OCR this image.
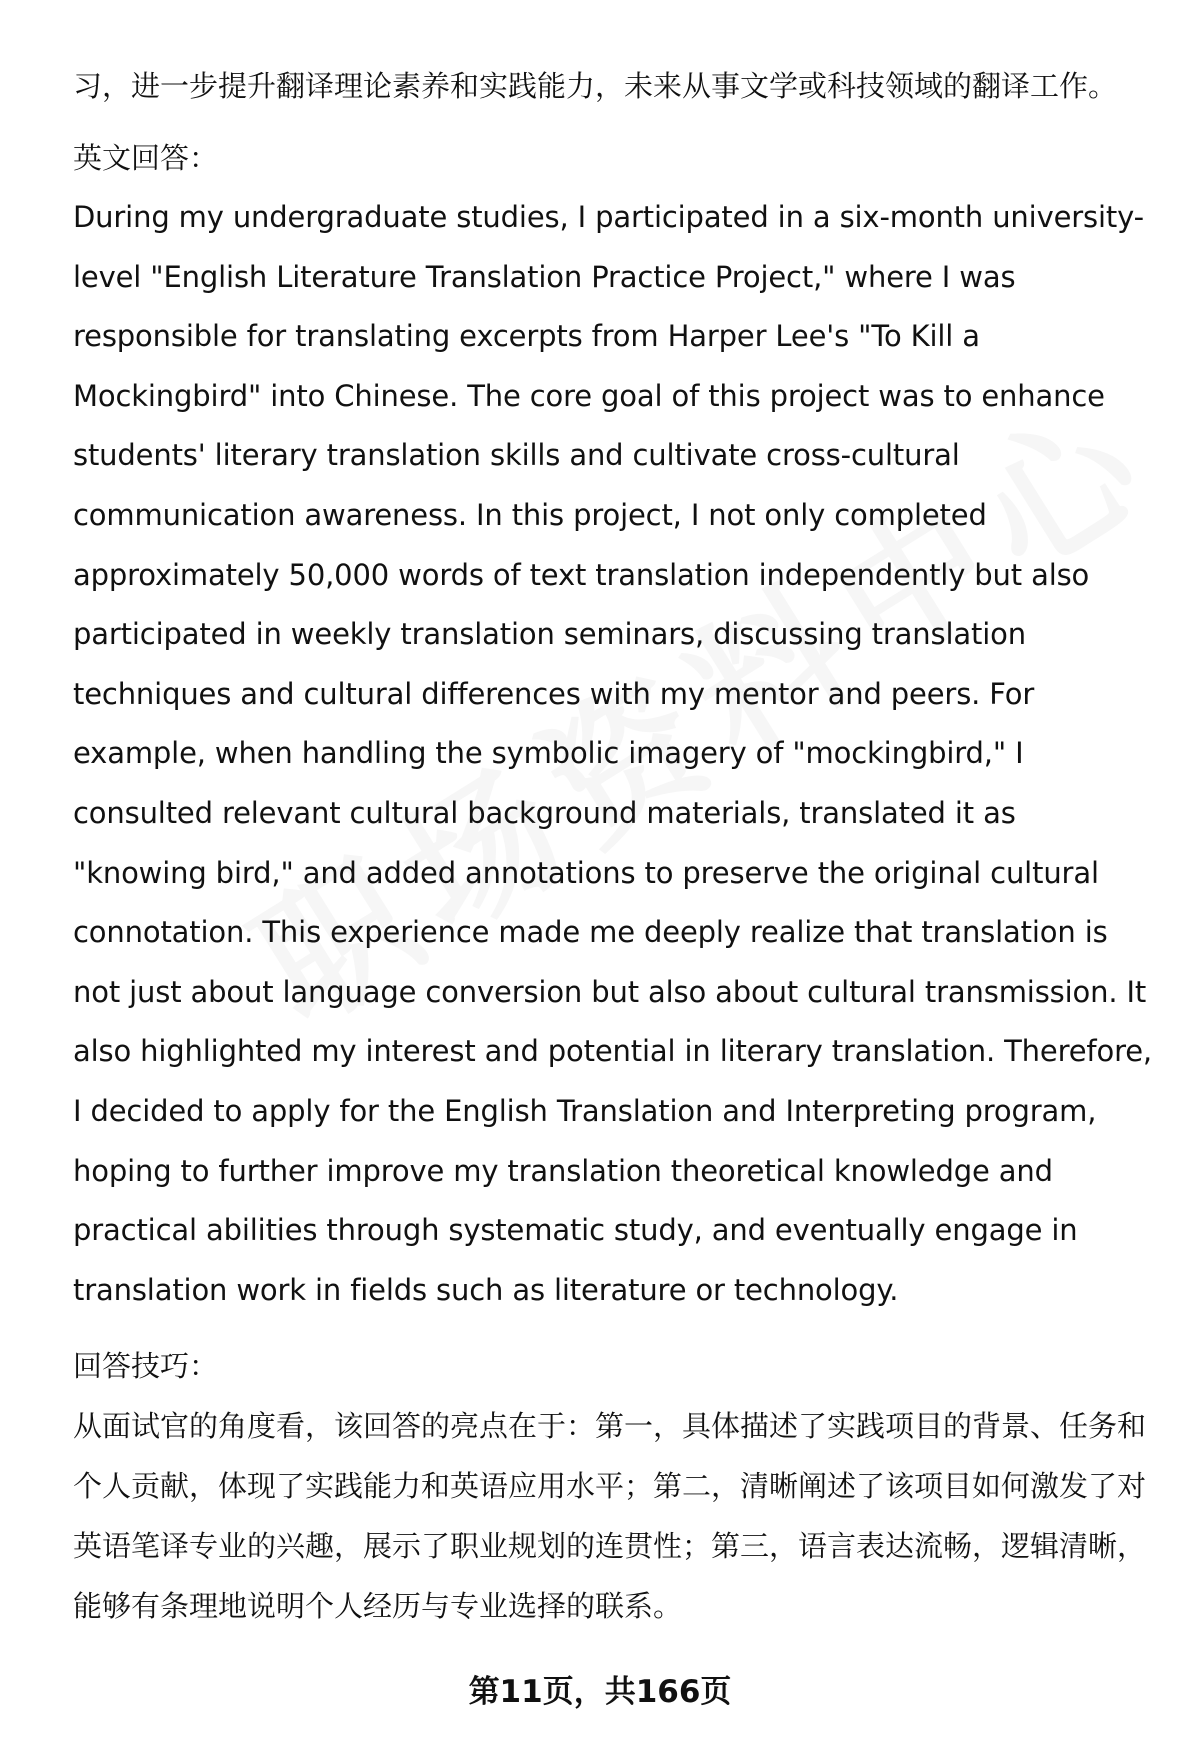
习，进一步提升翻译理论素养和实践能力，未来从事文学或科技领域的翻译工作。

英文回答：

During my undergraduate studies, I participated in a six-month university-level "English Literature Translation Practice Project," where I was responsible for translating excerpts from Harper Lee's "To Kill a Mockingbird" into Chinese. The core goal of this project was to enhance students' literary translation skills and cultivate cross-cultural communication awareness. In this project, I not only completed approximately 50,000 words of text translation independently but also participated in weekly translation seminars, discussing translation techniques and cultural differences with my mentor and peers. For example, when handling the symbolic imagery of "mockingbird," I consulted relevant cultural background materials, translated it as "knowing bird," and added annotations to preserve the original cultural connotation. This experience made me deeply realize that translation is not just about language conversion but also about cultural transmission. It also highlighted my interest and potential in literary translation. Therefore, I decided to apply for the English Translation and Interpreting program, hoping to further improve my translation theoretical knowledge and practical abilities through systematic study, and eventually engage in translation work in fields such as literature or technology.

回答技巧：

从面试官的角度看，该回答的亮点在于：第一，具体描述了实践项目的背景、任务和个人贡献，体现了实践能力和英语应用水平；第二，清晰阐述了该项目如何激发了对英语笔译专业的兴趣，展示了职业规划的连贯性；第三，语言表达流畅，逻辑清晰，能够有条理地说明个人经历与专业选择的联系。

第11页，共166页
